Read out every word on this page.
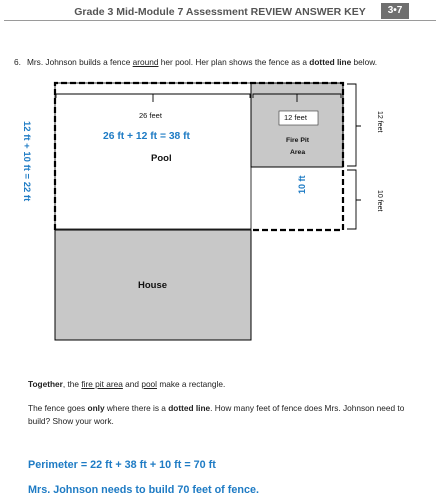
Grade 3 Mid-Module 7 Assessment REVIEW ANSWER KEY	3•7
6. Mrs. Johnson builds a fence around her pool. Her plan shows the fence as a dotted line below.
26 feet
26 ft + 12 ft = 38 ft
Pool
12 feet
Fire Pit
Area
10 ft
12 ft + 10 ft = 22 ft	12 feet
10 feet
House
Together, the fire pit area and pool make a rectangle.
The fence goes only where there is a dotted line. How many feet of fence does Mrs. Johnson need to build? Show your work.
Perimeter = 22 ft + 38 ft + 10 ft = 70 ft
Mrs. Johnson needs to build 70 feet of fence.
